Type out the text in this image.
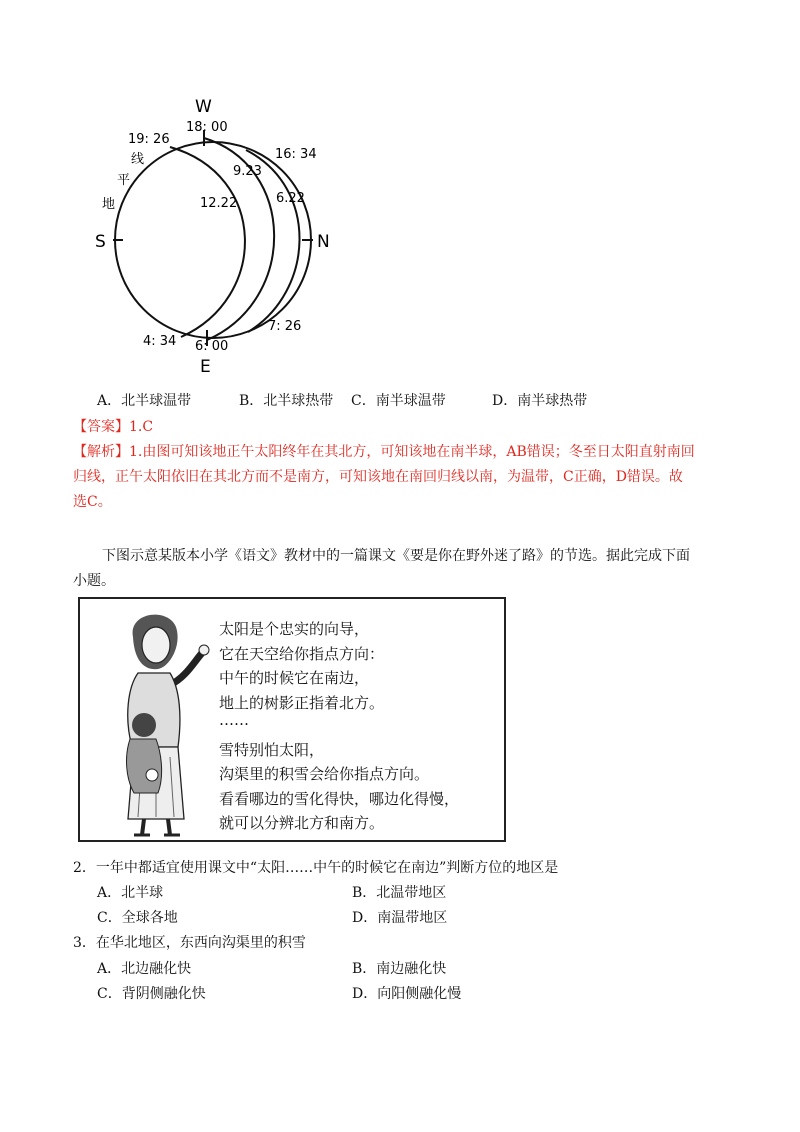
W
S	N
E
19: 26
18: 00
16: 34
4: 34 6: 00
7: 26
9.23
12.22	6.22
线
平
地
A．北半球温带	B．北半球热带 C．南半球温带	D．南半球热带
【答案】1.C
【解析】1.由图可知该地正午太阳终年在其北方，可知该地在南半球，AB错误；冬至日太阳直射南回
归线，正午太阳依旧在其北方而不是南方，可知该地在南回归线以南，为温带，C正确，D错误。故
选C。
下图示意某版本小学《语文》教材中的一篇课文《要是你在野外迷了路》的节选。据此完成下面
小题。
太阳是个忠实的向导，
它在天空给你指点方向：
中午的时候它在南边，
地上的树影正指着北方。
……
雪特别怕太阳，
沟渠里的积雪会给你指点方向。
看看哪边的雪化得快，哪边化得慢，
就可以分辨北方和南方。
2．一年中都适宜使用课文中“太阳……中午的时候它在南边”判断方位的地区是
A．北半球	B．北温带地区
C．全球各地	D．南温带地区
3．在华北地区，东西向沟渠里的积雪
A．北边融化快	B．南边融化快
C．背阴侧融化快	D．向阳侧融化慢
